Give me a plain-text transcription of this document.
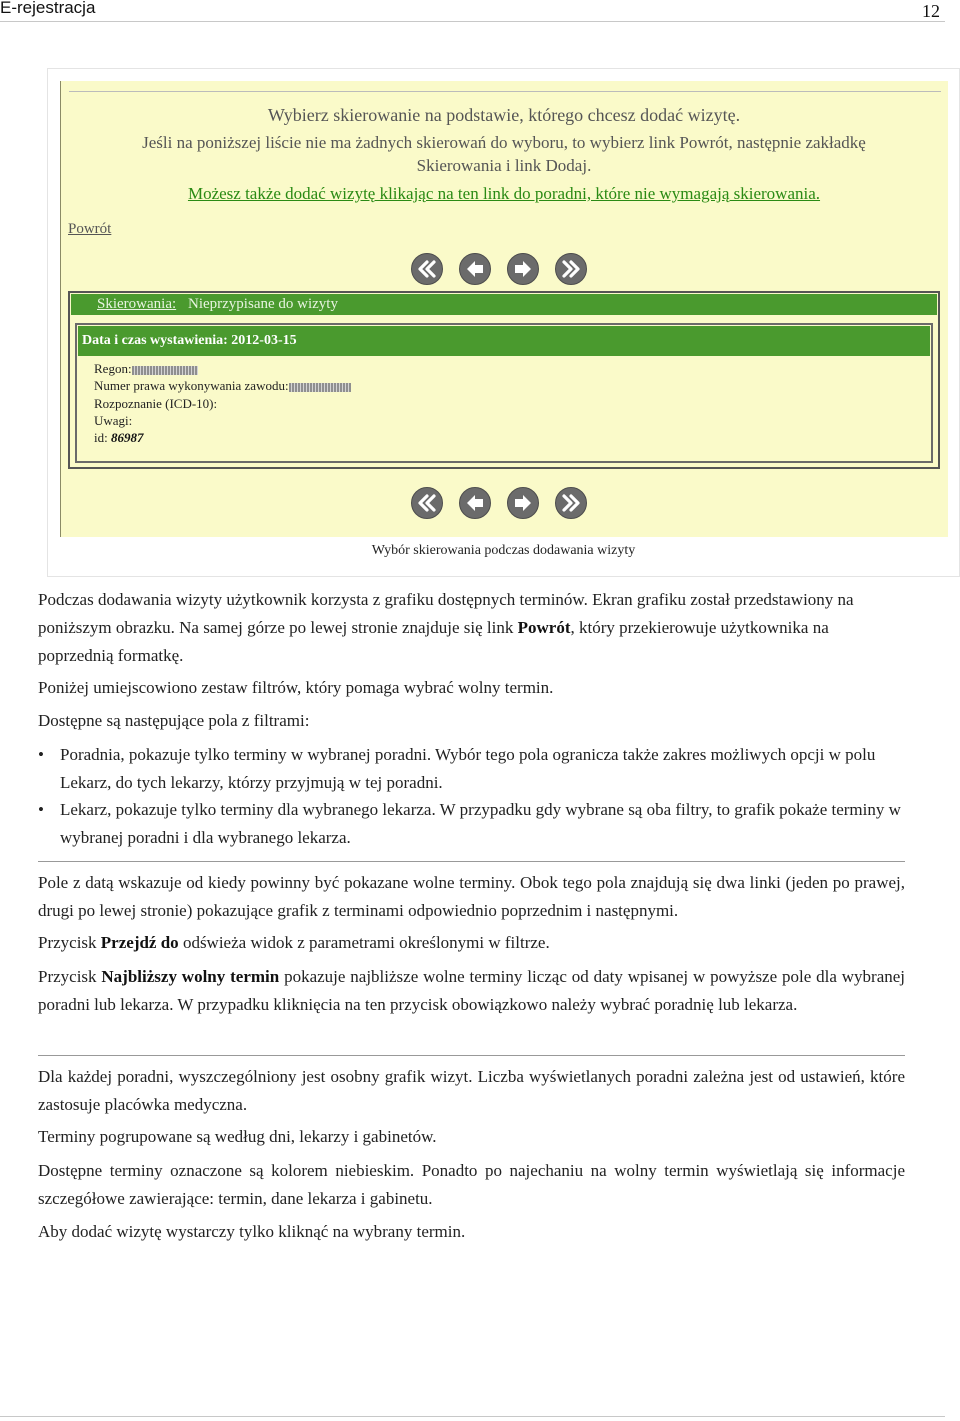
E-rejestracja	12
Wybierz skierowanie na podstawie, którego chcesz dodać wizytę.
Jeśli na poniższej liście nie ma żadnych skierowań do wyboru, to wybierz link Powrót, następnie zakładkę
Skierowania i link Dodaj.
Możesz także dodać wizytę klikając na ten link do poradni, które nie wymagają skierowania.
Powrót
Skierowania: Nieprzypisane do wizyty
Data i czas wystawienia: 2012-03-15
Regon:
Numer prawa wykonywania zawodu:
Rozpoznanie (ICD-10):
Uwagi:
id: 86987
Wybór skierowania podczas dodawania wizyty

Podczas dodawania wizyty użytkownik korzysta z grafiku dostępnych terminów. Ekran grafiku został przedstawiony na poniższym obrazku. Na samej górze po lewej stronie znajduje się link Powrót, który przekierowuje użytkownika na poprzednią formatkę.

Poniżej umiejscowiono zestaw filtrów, który pomaga wybrać wolny termin.

Dostępne są następujące pola z filtrami:

• Poradnia, pokazuje tylko terminy w wybranej poradni. Wybór tego pola ogranicza także zakres możliwych opcji w polu Lekarz, do tych lekarzy, którzy przyjmują w tej poradni.
• Lekarz, pokazuje tylko terminy dla wybranego lekarza. W przypadku gdy wybrane są oba filtry, to grafik pokaże terminy w wybranej poradni i dla wybranego lekarza.

Pole z datą wskazuje od kiedy powinny być pokazane wolne terminy. Obok tego pola znajdują się dwa linki (jeden po prawej, drugi po lewej stronie) pokazujące grafik z terminami odpowiednio poprzednim i następnymi.

Przycisk Przejdź do odświeża widok z parametrami określonymi w filtrze.

Przycisk Najbliższy wolny termin pokazuje najbliższe wolne terminy licząc od daty wpisanej w powyższe pole dla wybranej poradni lub lekarza. W przypadku kliknięcia na ten przycisk obowiązkowo należy wybrać poradnię lub lekarza.

Dla każdej poradni, wyszczególniony jest osobny grafik wizyt. Liczba wyświetlanych poradni zależna jest od ustawień, które zastosuje placówka medyczna.

Terminy pogrupowane są według dni, lekarzy i gabinetów.

Dostępne terminy oznaczone są kolorem niebieskim. Ponadto po najechaniu na wolny termin wyświetlają się informacje szczegółowe zawierające: termin, dane lekarza i gabinetu.

Aby dodać wizytę wystarczy tylko kliknąć na wybrany termin.
